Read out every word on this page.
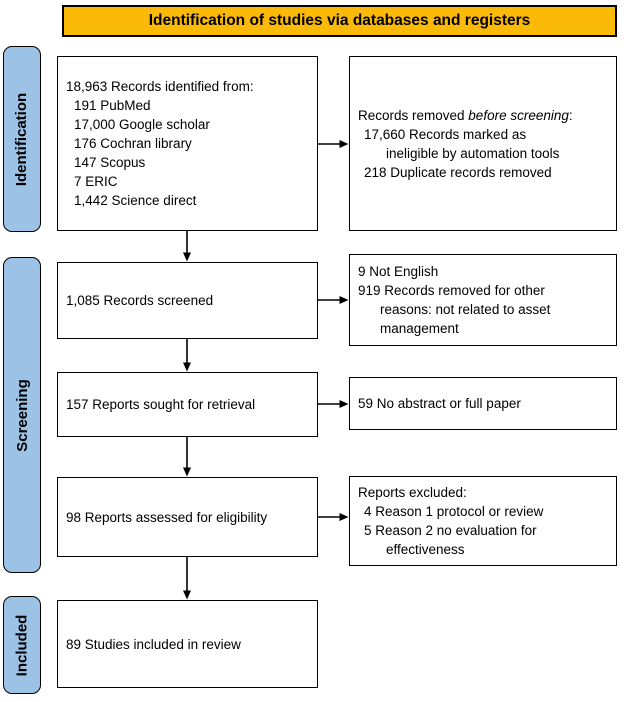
Identification of studies via databases and registers
Identification
Screening
Included
18,963 Records identified from:
191 PubMed
17,000 Google scholar
176 Cochran library
147 Scopus
7 ERIC
1,442 Science direct
1,085 Records screened
157 Reports sought for retrieval
98 Reports assessed for eligibility
89 Studies included in review
Records removed before screening:
17,660 Records marked as
ineligible by automation tools
218 Duplicate records removed
9 Not English
919 Records removed for other
reasons: not related to asset
management
59 No abstract or full paper
Reports excluded:
4 Reason 1 protocol or review
5 Reason 2 no evaluation for
effectiveness
